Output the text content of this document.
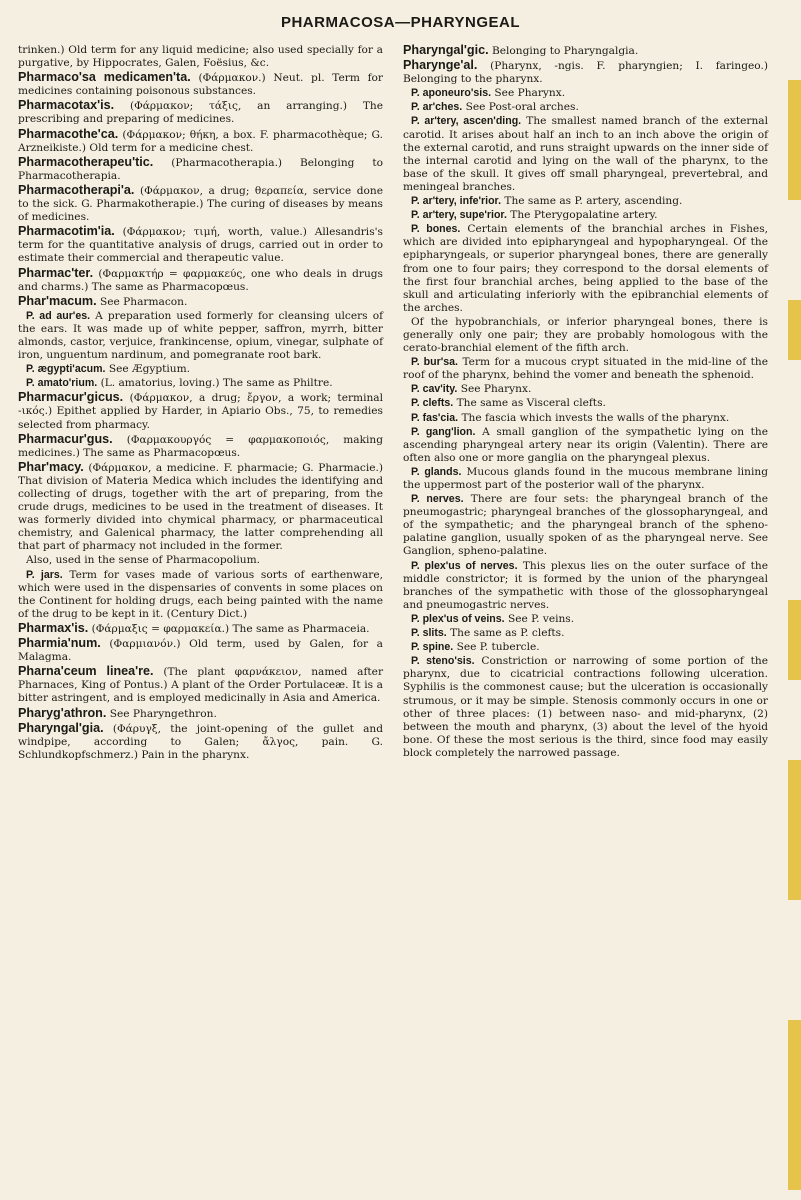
PHARMACOSA—PHARYNGEAL

trinken.) Old term for any liquid medicine; also used specially for a purgative, by Hippocrates, Galen, Foësius, &c.

Pharmaco'sa medicamen'ta. (Φάρμακον.) Neut. pl. Term for medicines containing poisonous substances.

Pharmacotax'is. (Φάρμακον; τάξις, an arranging.) The prescribing and preparing of medicines.

Pharmacothe'ca. (Φάρμακον; θήκη, a box. F. pharmacothèque; G. Arzneikiste.) Old term for a medicine chest.

Pharmacotherapeu'tic. (Pharmacotherapia.) Belonging to Pharmacotherapia.

Pharmacotherapi'a. (Φάρμακον, a drug; θεραπεία, service done to the sick. G. Pharmakotherapie.) The curing of diseases by means of medicines.

Pharmacotim'ia. (Φάρμακον; τιμή, worth, value.) Allesandris's term for the quantitative analysis of drugs, carried out in order to estimate their commercial and therapeutic value.

Pharmac'ter. (Φαρμακτήρ = φαρμακεύς, one who deals in drugs and charms.) The same as Pharmacopœus.

Phar'macum. See Pharmacon.

P. ad aur'es. A preparation used formerly for cleansing ulcers of the ears. It was made up of white pepper, saffron, myrrh, bitter almonds, castor, verjuice, frankincense, opium, vinegar, sulphate of iron, unguentum nardinum, and pomegranate root bark.

P. ægypti'acum. See Ægyptium.

P. amato'rium. (L. amatorius, loving.) The same as Philtre.

Pharmacur'gicus. (Φάρμακον, a drug; ἔργον, a work; terminal -ικός.) Epithet applied by Harder, in Apiario Obs., 75, to remedies selected from pharmacy.

Pharmacur'gus. (Φαρμακουργός = φαρμακοποιός, making medicines.) The same as Pharmacopœus.

Phar'macy. (Φάρμακον, a medicine. F. pharmacie; G. Pharmacie.) That division of Materia Medica which includes the identifying and collecting of drugs, together with the art of preparing, from the crude drugs, medicines to be used in the treatment of diseases. It was formerly divided into chymical pharmacy, or pharmaceutical chemistry, and Galenical pharmacy, the latter comprehending all that part of pharmacy not included in the former.

Also, used in the sense of Pharmacopolium.

P. jars. Term for vases made of various sorts of earthenware, which were used in the dispensaries of convents in some places on the Continent for holding drugs, each being painted with the name of the drug to be kept in it. (Century Dict.)

Pharmax'is. (Φάρμαξις = φαρμακεία.) The same as Pharmaceia.

Pharmia'num. (Φαρμιανόν.) Old term, used by Galen, for a Malagma.

Pharna'ceum linea're. (The plant φαρνάκειον, named after Pharnaces, King of Pontus.) A plant of the Order Portulaceæ. It is a bitter astringent, and is employed medicinally in Asia and America.

Pharyg'athron. See Pharyngethron.

Pharyngal'gia. (Φάρυγξ, the joint-opening of the gullet and windpipe, according to Galen; ἄλγος, pain. G. Schlundkopfschmerz.) Pain in the pharynx.

Pharyngal'gic. Belonging to Pharyngalgia.

Pharynge'al. (Pharynx, -ngis. F. pharyngien; I. faringeo.) Belonging to the pharynx.

P. aponeuro'sis. See Pharynx.

P. ar'ches. See Post-oral arches.

P. ar'tery, ascen'ding. The smallest named branch of the external carotid. It arises about half an inch to an inch above the origin of the external carotid, and runs straight upwards on the inner side of the internal carotid and lying on the wall of the pharynx, to the base of the skull. It gives off small pharyngeal, prevertebral, and meningeal branches.

P. ar'tery, infe'rior. The same as P. artery, ascending.

P. ar'tery, supe'rior. The Pterygopalatine artery.

P. bones. Certain elements of the branchial arches in Fishes, which are divided into epipharyngeal and hypopharyngeal. Of the epipharyngeals, or superior pharyngeal bones, there are generally from one to four pairs; they correspond to the dorsal elements of the first four branchial arches, being applied to the base of the skull and articulating inferiorly with the epibranchial elements of the arches.

Of the hypobranchials, or inferior pharyngeal bones, there is generally only one pair; they are probably homologous with the cerato-branchial element of the fifth arch.

P. bur'sa. Term for a mucous crypt situated in the mid-line of the roof of the pharynx, behind the vomer and beneath the sphenoid.

P. cav'ity. See Pharynx.

P. clefts. The same as Visceral clefts.

P. fas'cia. The fascia which invests the walls of the pharynx.

P. gang'lion. A small ganglion of the sympathetic lying on the ascending pharyngeal artery near its origin (Valentin). There are often also one or more ganglia on the pharyngeal plexus.

P. glands. Mucous glands found in the mucous membrane lining the uppermost part of the posterior wall of the pharynx.

P. nerves. There are four sets: the pharyngeal branch of the pneumogastric; pharyngeal branches of the glossopharyngeal, and of the sympathetic; and the pharyngeal branch of the spheno-palatine ganglion, usually spoken of as the pharyngeal nerve. See Ganglion, spheno-palatine.

P. plex'us of nerves. This plexus lies on the outer surface of the middle constrictor; it is formed by the union of the pharyngeal branches of the sympathetic with those of the glossopharyngeal and pneumogastric nerves.

P. plex'us of veins. See P. veins.

P. slits. The same as P. clefts.

P. spine. See P. tubercle.

P. steno'sis. Constriction or narrowing of some portion of the pharynx, due to cicatricial contractions following ulceration. Syphilis is the commonest cause; but the ulceration is occasionally strumous, or it may be simple. Stenosis commonly occurs in one or other of three places: (1) between naso- and mid-pharynx, (2) between the mouth and pharynx, (3) about the level of the hyoid bone. Of these the most serious is the third, since food may easily block completely the narrowed passage.
